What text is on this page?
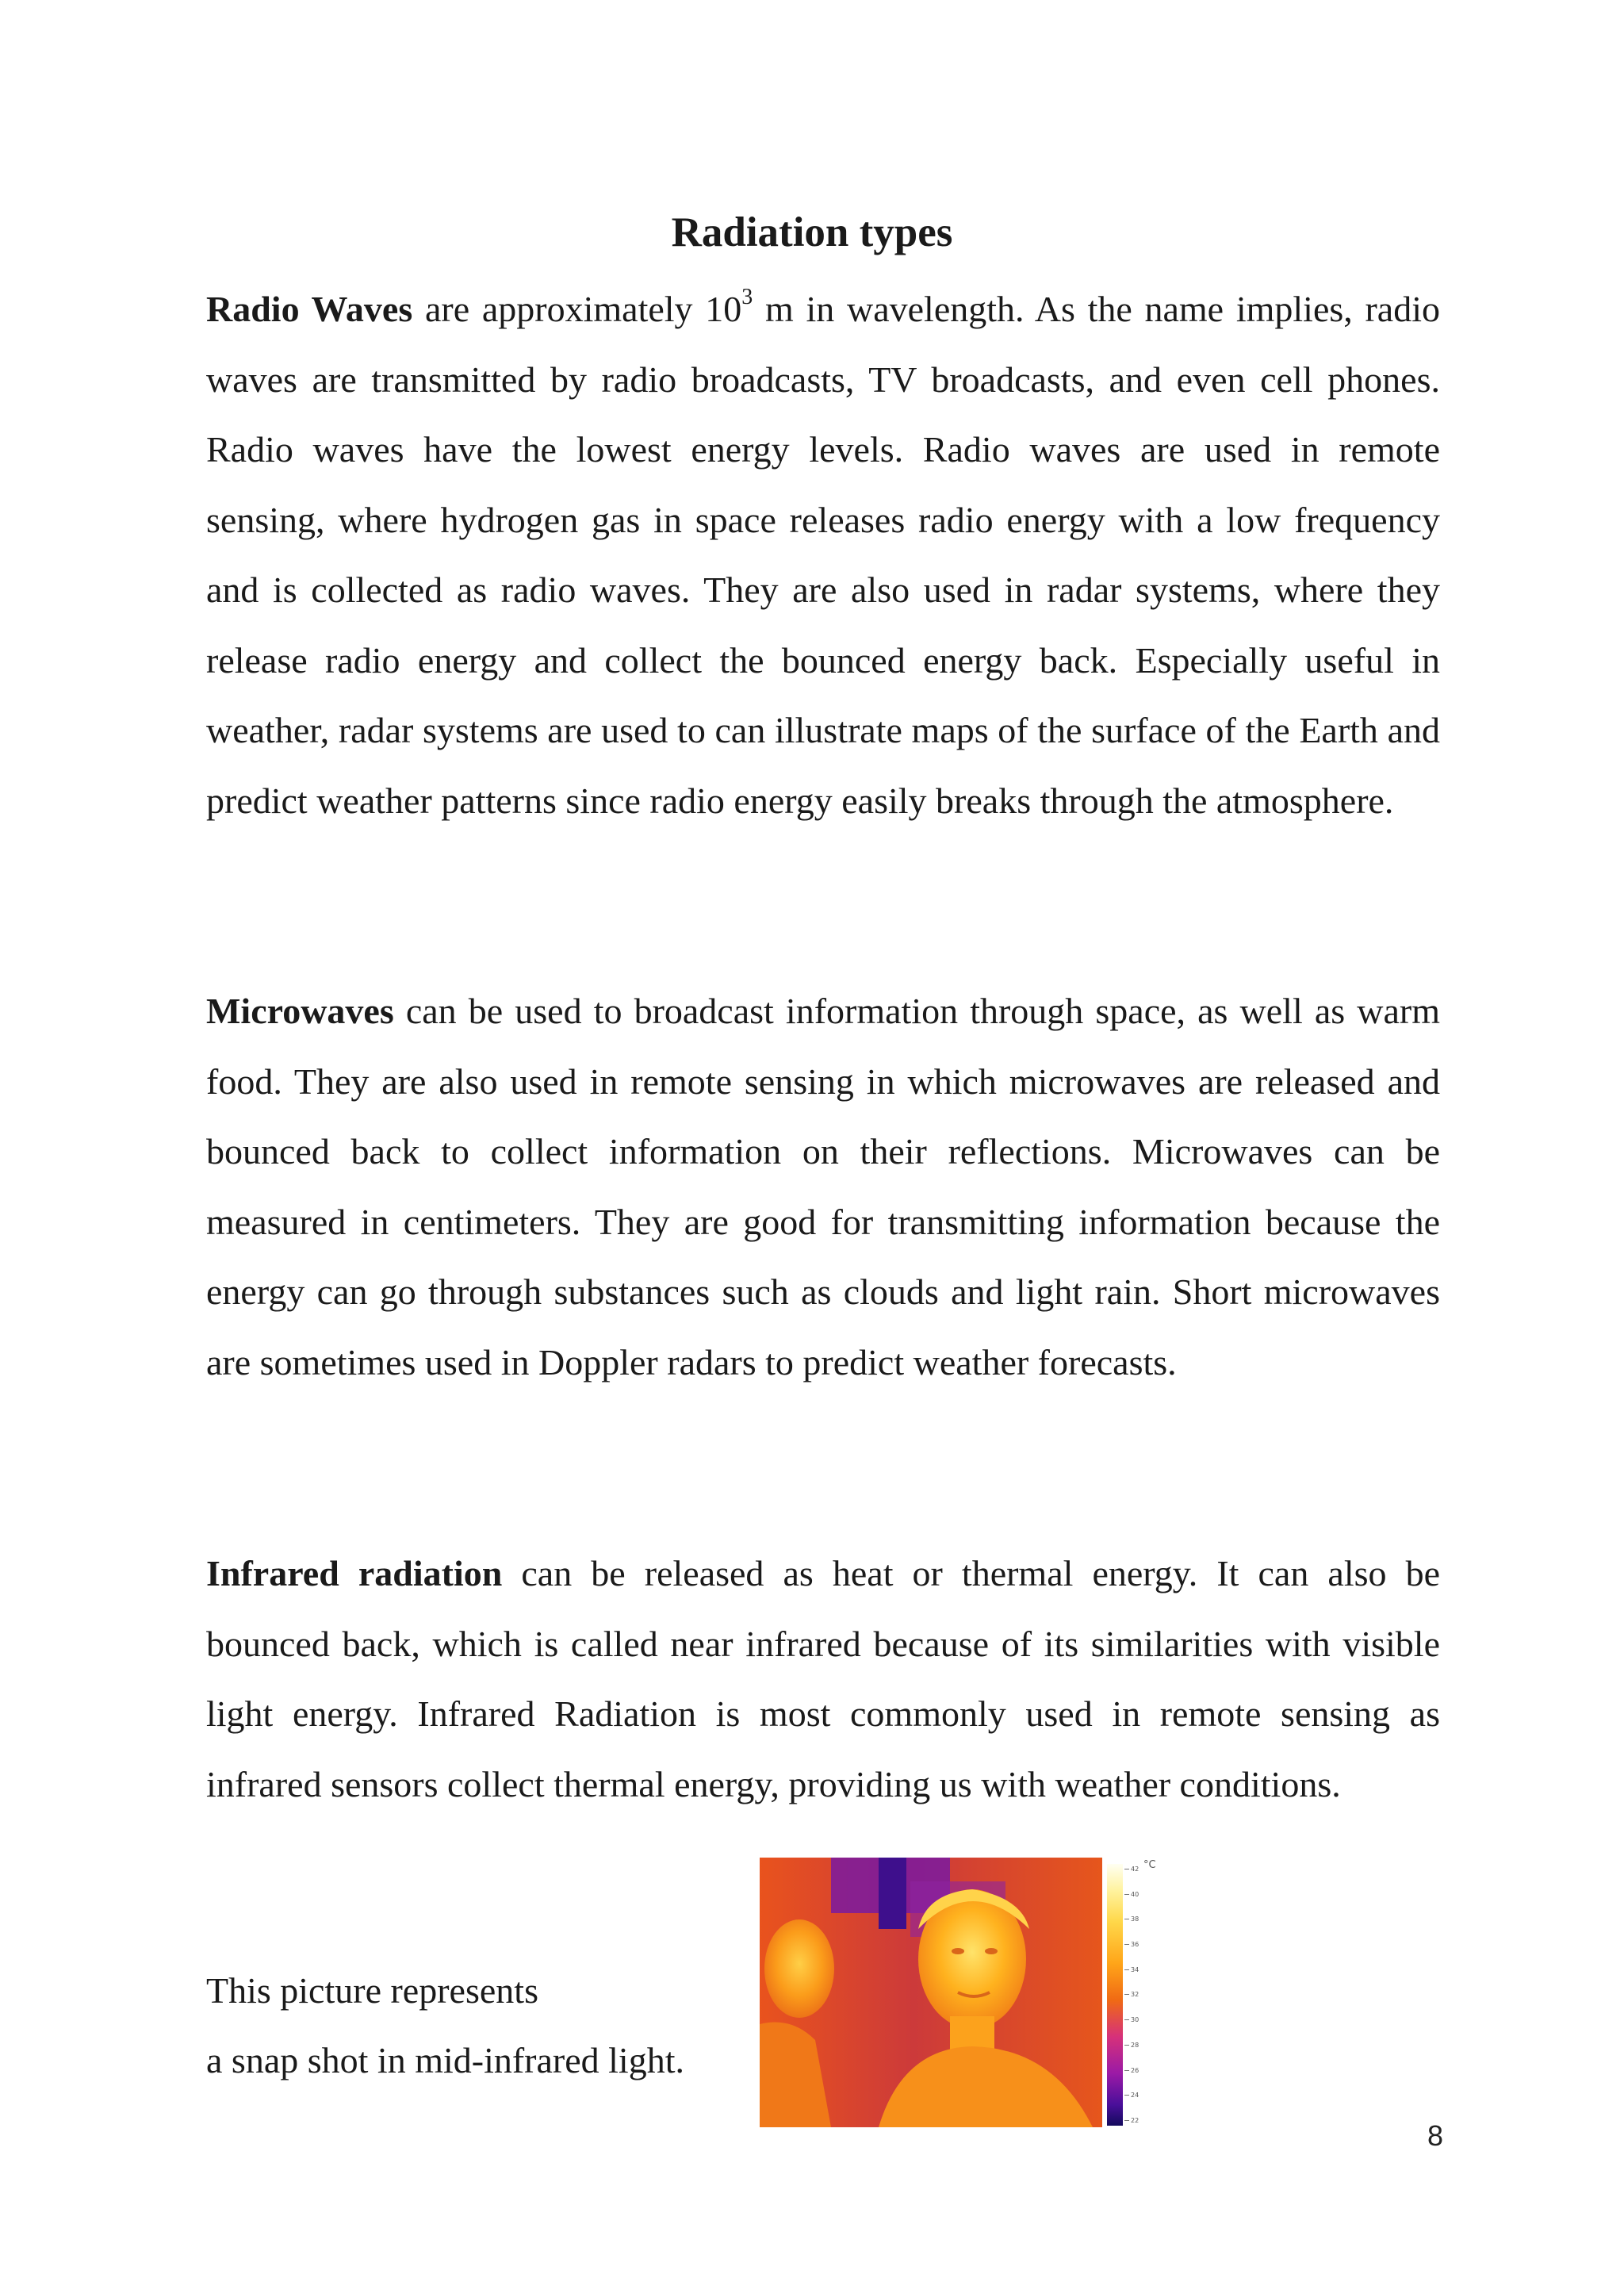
Radiation types

Radio Waves are approximately $10^3$ m in wavelength. As the name implies, radio waves are transmitted by radio broadcasts, TV broadcasts, and even cell phones. Radio waves have the lowest energy levels. Radio waves are used in remote sensing, where hydrogen gas in space releases radio energy with a low frequency and is collected as radio waves. They are also used in radar systems, where they release radio energy and collect the bounced energy back. Especially useful in weather, radar systems are used to can illustrate maps of the surface of the Earth and predict weather patterns since radio energy easily breaks through the atmosphere.

Microwaves can be used to broadcast information through space, as well as warm food. They are also used in remote sensing in which microwaves are released and bounced back to collect information on their reflections. Microwaves can be measured in centimeters. They are good for transmitting information because the energy can go through substances such as clouds and light rain. Short microwaves are sometimes used in Doppler radars to predict weather forecasts.

Infrared radiation can be released as heat or thermal energy. It can also be bounced back, which is called near infrared because of its similarities with visible light energy. Infrared Radiation is most commonly used in remote sensing as infrared sensors collect thermal energy, providing us with weather conditions.

This picture represents

a snap shot in mid-infrared light.

°C
42
40
38
36
34
32
30
28
26
24
22	8
